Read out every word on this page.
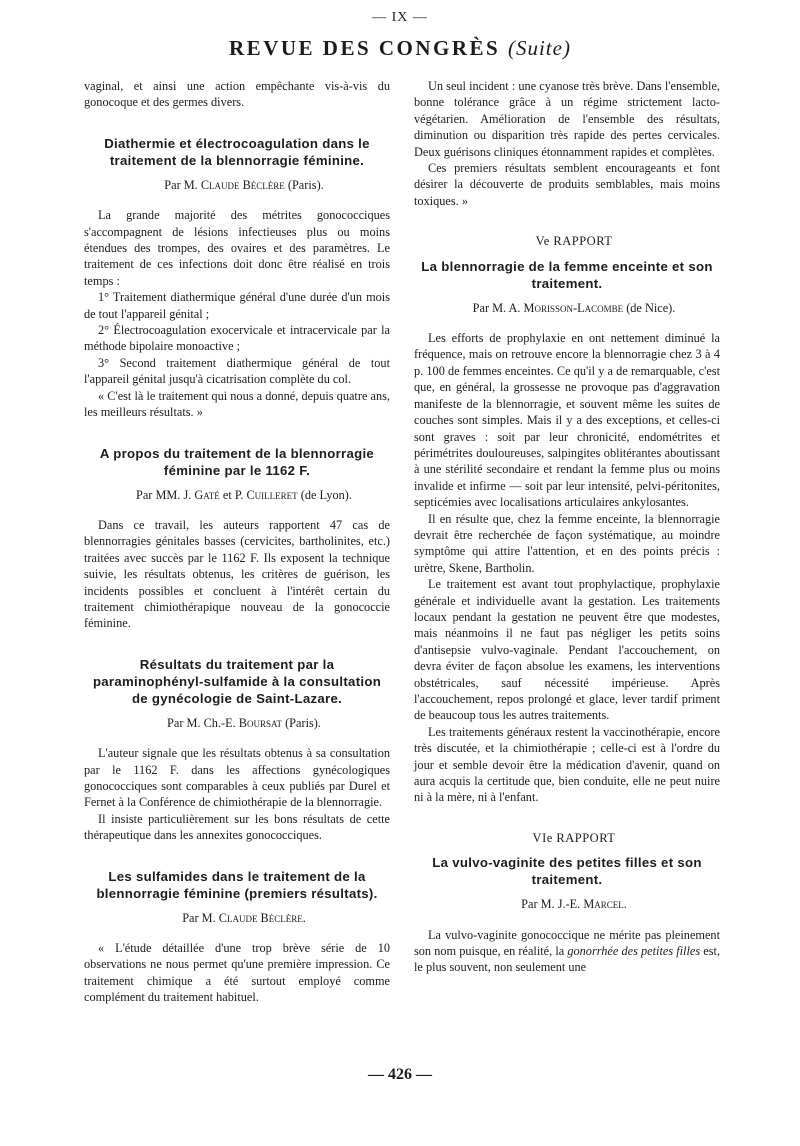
— IX —
REVUE DES CONGRÈS (Suite)

vaginal, et ainsi une action empêchante vis-à-vis du gonocoque et des germes divers.

Diathermie et électrocoagulation dans le traitement de la blennorragie féminine.

Par M. Claude Béclère (Paris).

La grande majorité des métrites gonococciques s'accompagnent de lésions infectieuses plus ou moins étendues des trompes, des ovaires et des paramètres. Le traitement de ces infections doit donc être réalisé en trois temps :

1° Traitement diathermique général d'une durée d'un mois de tout l'appareil génital ;

2° Électrocoagulation exocervicale et intracervicale par la méthode bipolaire monoactive ;

3° Second traitement diathermique général de tout l'appareil génital jusqu'à cicatrisation complète du col.

« C'est là le traitement qui nous a donné, depuis quatre ans, les meilleurs résultats. »

A propos du traitement de la blennorragie féminine par le 1162 F.

Par MM. J. Gaté et P. Cuilleret (de Lyon).

Dans ce travail, les auteurs rapportent 47 cas de blennorragies génitales basses (cervicites, bartholinites, etc.) traitées avec succès par le 1162 F. Ils exposent la technique suivie, les résultats obtenus, les critères de guérison, les incidents possibles et concluent à l'intérêt certain du traitement chimiothérapique nouveau de la gonococcie féminine.

Résultats du traitement par la paraminophényl-sulfamide à la consultation de gynécologie de Saint-Lazare.

Par M. Ch.-E. Boursat (Paris).

L'auteur signale que les résultats obtenus à sa consultation par le 1162 F. dans les affections gynécologiques gonococciques sont comparables à ceux publiés par Durel et Fernet à la Conférence de chimiothérapie de la blennorragie.

Il insiste particulièrement sur les bons résultats de cette thérapeutique dans les annexites gonococciques.

Les sulfamides dans le traitement de la blennorragie féminine (premiers résultats).

Par M. Claude Béclère.

« L'étude détaillée d'une trop brève série de 10 observations ne nous permet qu'une première impression. Ce traitement chimique a été surtout employé comme complément du traitement habituel.

Un seul incident : une cyanose très brève. Dans l'ensemble, bonne tolérance grâce à un régime strictement lacto-végétarien. Amélioration de l'ensemble des résultats, diminution ou disparition très rapide des pertes cervicales. Deux guérisons cliniques étonnamment rapides et complètes.

Ces premiers résultats semblent encourageants et font désirer la découverte de produits semblables, mais moins toxiques. »

Ve RAPPORT

La blennorragie de la femme enceinte et son traitement.

Par M. A. Morisson-Lacombe (de Nice).

Les efforts de prophylaxie en ont nettement diminué la fréquence, mais on retrouve encore la blennorragie chez 3 à 4 p. 100 de femmes enceintes. Ce qu'il y a de remarquable, c'est que, en général, la grossesse ne provoque pas d'aggravation manifeste de la blennorragie, et souvent même les suites de couches sont simples. Mais il y a des exceptions, et celles-ci sont graves : soit par leur chronicité, endométrites et périmétrites douloureuses, salpingites oblitérantes aboutissant à une stérilité secondaire et rendant la femme plus ou moins invalide et infirme — soit par leur intensité, pelvi-péritonites, septicémies avec localisations articulaires ankylosantes.

Il en résulte que, chez la femme enceinte, la blennorragie devrait être recherchée de façon systématique, au moindre symptôme qui attire l'attention, et en des points précis : urètre, Skene, Bartholin.

Le traitement est avant tout prophylactique, prophylaxie générale et individuelle avant la gestation. Les traitements locaux pendant la gestation ne peuvent être que modestes, mais néanmoins il ne faut pas négliger les petits soins d'antisepsie vulvo-vaginale. Pendant l'accouchement, on devra éviter de façon absolue les examens, les interventions obstétricales, sauf nécessité impérieuse. Après l'accouchement, repos prolongé et glace, lever tardif priment de beaucoup tous les autres traitements.

Les traitements généraux restent la vaccinothérapie, encore très discutée, et la chimiothérapie ; celle-ci est à l'ordre du jour et semble devoir être la médication d'avenir, quand on aura acquis la certitude que, bien conduite, elle ne peut nuire ni à la mère, ni à l'enfant.

VIe RAPPORT

La vulvo-vaginite des petites filles et son traitement.

Par M. J.-E. Marcel.

La vulvo-vaginite gonococcique ne mérite pas pleinement son nom puisque, en réalité, la gonorrhée des petites filles est, le plus souvent, non seulement une

— 426 —
